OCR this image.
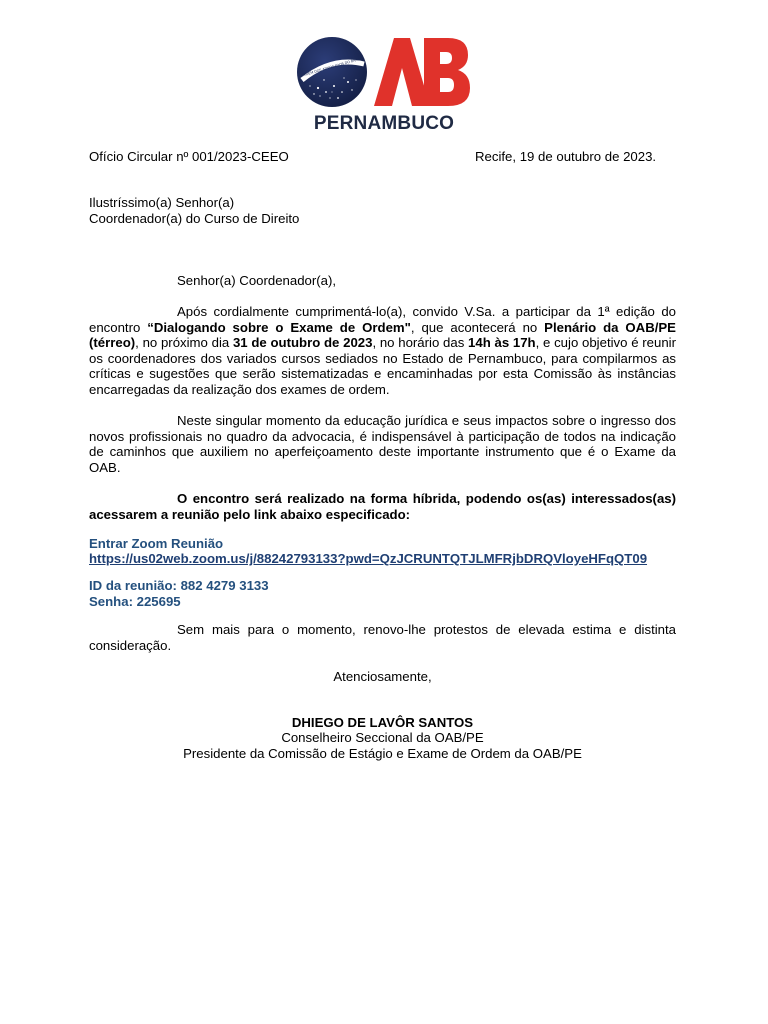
ORDEM DOS ADVOGADOS DO BRASIL
PERNAMBUCO
Ofício Circular nº 001/2023-CEEO	Recife, 19 de outubro de 2023.
Ilustríssimo(a) Senhor(a)
Coordenador(a) do Curso de Direito
Senhor(a) Coordenador(a),
Após cordialmente cumprimentá-lo(a), convido V.Sa. a participar da 1ª edição do encontro “Dialogando sobre o Exame de Ordem", que acontecerá no Plenário da OAB/PE (térreo), no próximo dia 31 de outubro de 2023, no horário das 14h às 17h, e cujo objetivo é reunir os coordenadores dos variados cursos sediados no Estado de Pernambuco, para compilarmos as críticas e sugestões que serão sistematizadas e encaminhadas por esta Comissão às instâncias encarregadas da realização dos exames de ordem.
Neste singular momento da educação jurídica e seus impactos sobre o ingresso dos novos profissionais no quadro da advocacia, é indispensável à participação de todos na indicação de caminhos que auxiliem no aperfeiçoamento deste importante instrumento que é o Exame da OAB.
O encontro será realizado na forma híbrida, podendo os(as) interessados(as) acessarem a reunião pelo link abaixo especificado:
Entrar Zoom Reunião
https://us02web.zoom.us/j/88242793133?pwd=QzJCRUNTQTJLMFRjbDRQVloyeHFqQT09
ID da reunião: 882 4279 3133
Senha: 225695
Sem mais para o momento, renovo-lhe protestos de elevada estima e distinta consideração.
Atenciosamente,
DHIEGO DE LAVÔR SANTOS
Conselheiro Seccional da OAB/PE
Presidente da Comissão de Estágio e Exame de Ordem da OAB/PE
